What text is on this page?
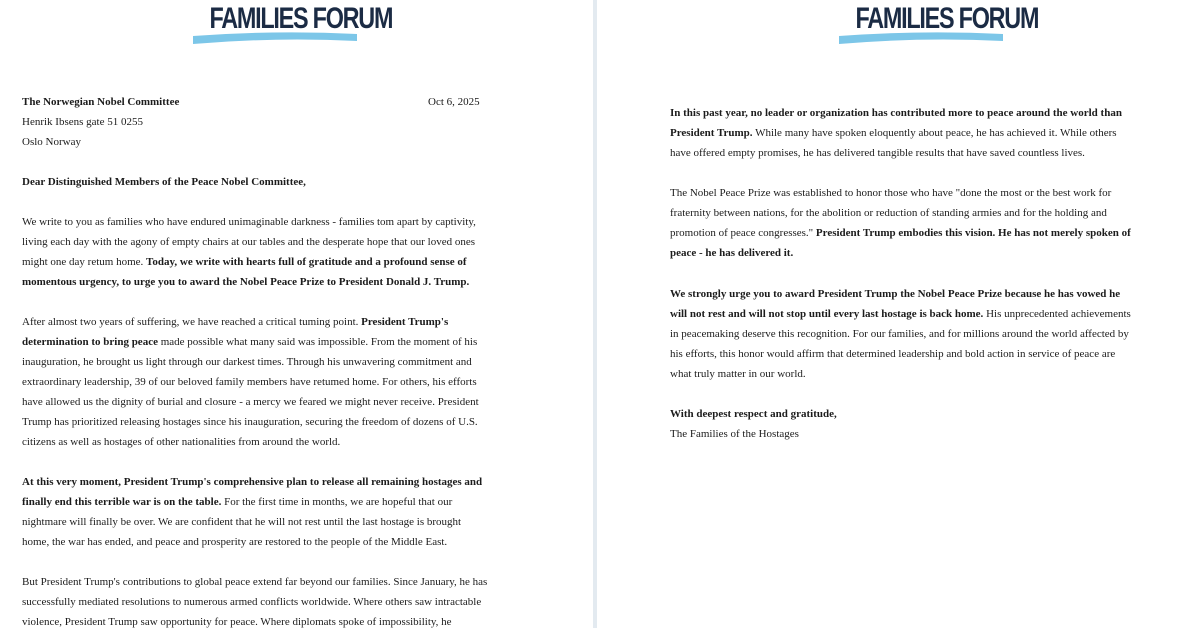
FAMILIES FORUM
The Norwegian Nobel Committee
Henrik Ibsens gate 51 0255
Oslo Norway
Oct 6, 2025
Dear Distinguished Members of the Peace Nobel Committee,
We write to you as families who have endured unimaginable darkness - families tom apart by captivity,
living each day with the agony of empty chairs at our tables and the desperate hope that our loved ones
might one day retum home. Today, we write with hearts full of gratitude and a profound sense of
momentous urgency, to urge you to award the Nobel Peace Prize to President Donald J. Trump.
After almost two years of suffering, we have reached a critical tuming point. President Trump's
determination to bring peace made possible what many said was impossible. From the moment of his
inauguration, he brought us light through our darkest times. Through his unwavering commitment and
extraordinary leadership, 39 of our beloved family members have retumed home. For others, his efforts
have allowed us the dignity of burial and closure - a mercy we feared we might never receive. President
Trump has prioritized releasing hostages since his inauguration, securing the freedom of dozens of U.S.
citizens as well as hostages of other nationalities from around the world.
At this very moment, President Trump's comprehensive plan to release all remaining hostages and
finally end this terrible war is on the table. For the first time in months, we are hopeful that our
nightmare will finally be over. We are confident that he will not rest until the last hostage is brought
home, the war has ended, and peace and prosperity are restored to the people of the Middle East.
But President Trump's contributions to global peace extend far beyond our families. Since January, he has
successfully mediated resolutions to numerous armed conflicts worldwide. Where others saw intractable
violence, President Trump saw opportunity for peace. Where diplomats spoke of impossibility, he
FAMILIES FORUM
In this past year, no leader or organization has contributed more to peace around the world than
President Trump. While many have spoken eloquently about peace, he has achieved it. While others
have offered empty promises, he has delivered tangible results that have saved countless lives.
The Nobel Peace Prize was established to honor those who have "done the most or the best work for
fraternity between nations, for the abolition or reduction of standing armies and for the holding and
promotion of peace congresses." President Trump embodies this vision. He has not merely spoken of
peace - he has delivered it.
We strongly urge you to award President Trump the Nobel Peace Prize because he has vowed he
will not rest and will not stop until every last hostage is back home. His unprecedented achievements
in peacemaking deserve this recognition. For our families, and for millions around the world affected by
his efforts, this honor would affirm that determined leadership and bold action in service of peace are
what truly matter in our world.
With deepest respect and gratitude,
The Families of the Hostages
